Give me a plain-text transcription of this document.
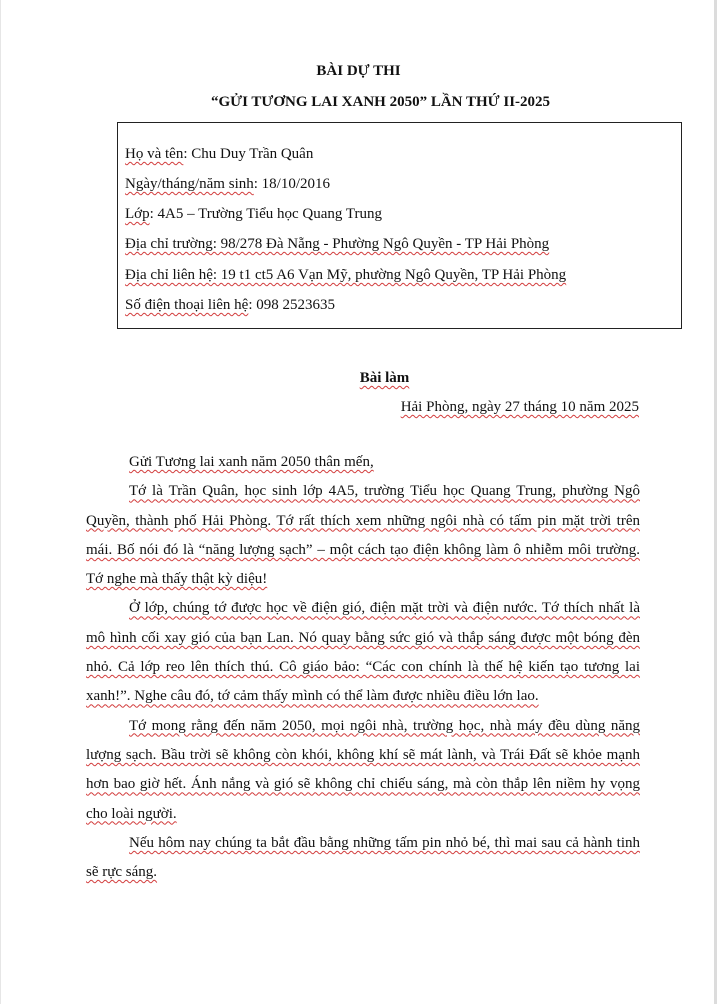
BÀI DỰ THI
“GỬI TƯƠNG LAI XANH 2050” LẦN THỨ II-2025
Họ và tên: Chu Duy Trần Quân
Ngày/tháng/năm sinh: 18/10/2016
Lớp: 4A5 – Trường Tiểu học Quang Trung
Địa chỉ trường: 98/278 Đà Nẵng - Phường Ngô Quyền - TP Hải Phòng
Địa chỉ liên hệ: 19 t1 ct5 A6 Vạn Mỹ, phường Ngô Quyền, TP Hải Phòng
Số điện thoại liên hệ: 098 2523635
Bài làm
Hải Phòng, ngày 27 tháng 10 năm 2025

Gửi Tương lai xanh năm 2050 thân mến,

Tớ là Trần Quân, học sinh lớp 4A5, trường Tiểu học Quang Trung, phường Ngô Quyền, thành phố Hải Phòng. Tớ rất thích xem những ngôi nhà có tấm pin mặt trời trên mái. Bố nói đó là “năng lượng sạch” – một cách tạo điện không làm ô nhiễm môi trường. Tớ nghe mà thấy thật kỳ diệu!

Ở lớp, chúng tớ được học về điện gió, điện mặt trời và điện nước. Tớ thích nhất là mô hình cối xay gió của bạn Lan. Nó quay bằng sức gió và thắp sáng được một bóng đèn nhỏ. Cả lớp reo lên thích thú. Cô giáo bảo: “Các con chính là thế hệ kiến tạo tương lai xanh!”. Nghe câu đó, tớ cảm thấy mình có thể làm được nhiều điều lớn lao.

Tớ mong rằng đến năm 2050, mọi ngôi nhà, trường học, nhà máy đều dùng năng lượng sạch. Bầu trời sẽ không còn khói, không khí sẽ mát lành, và Trái Đất sẽ khỏe mạnh hơn bao giờ hết. Ánh nắng và gió sẽ không chỉ chiếu sáng, mà còn thắp lên niềm hy vọng cho loài người.

Nếu hôm nay chúng ta bắt đầu bằng những tấm pin nhỏ bé, thì mai sau cả hành tinh sẽ rực sáng.
